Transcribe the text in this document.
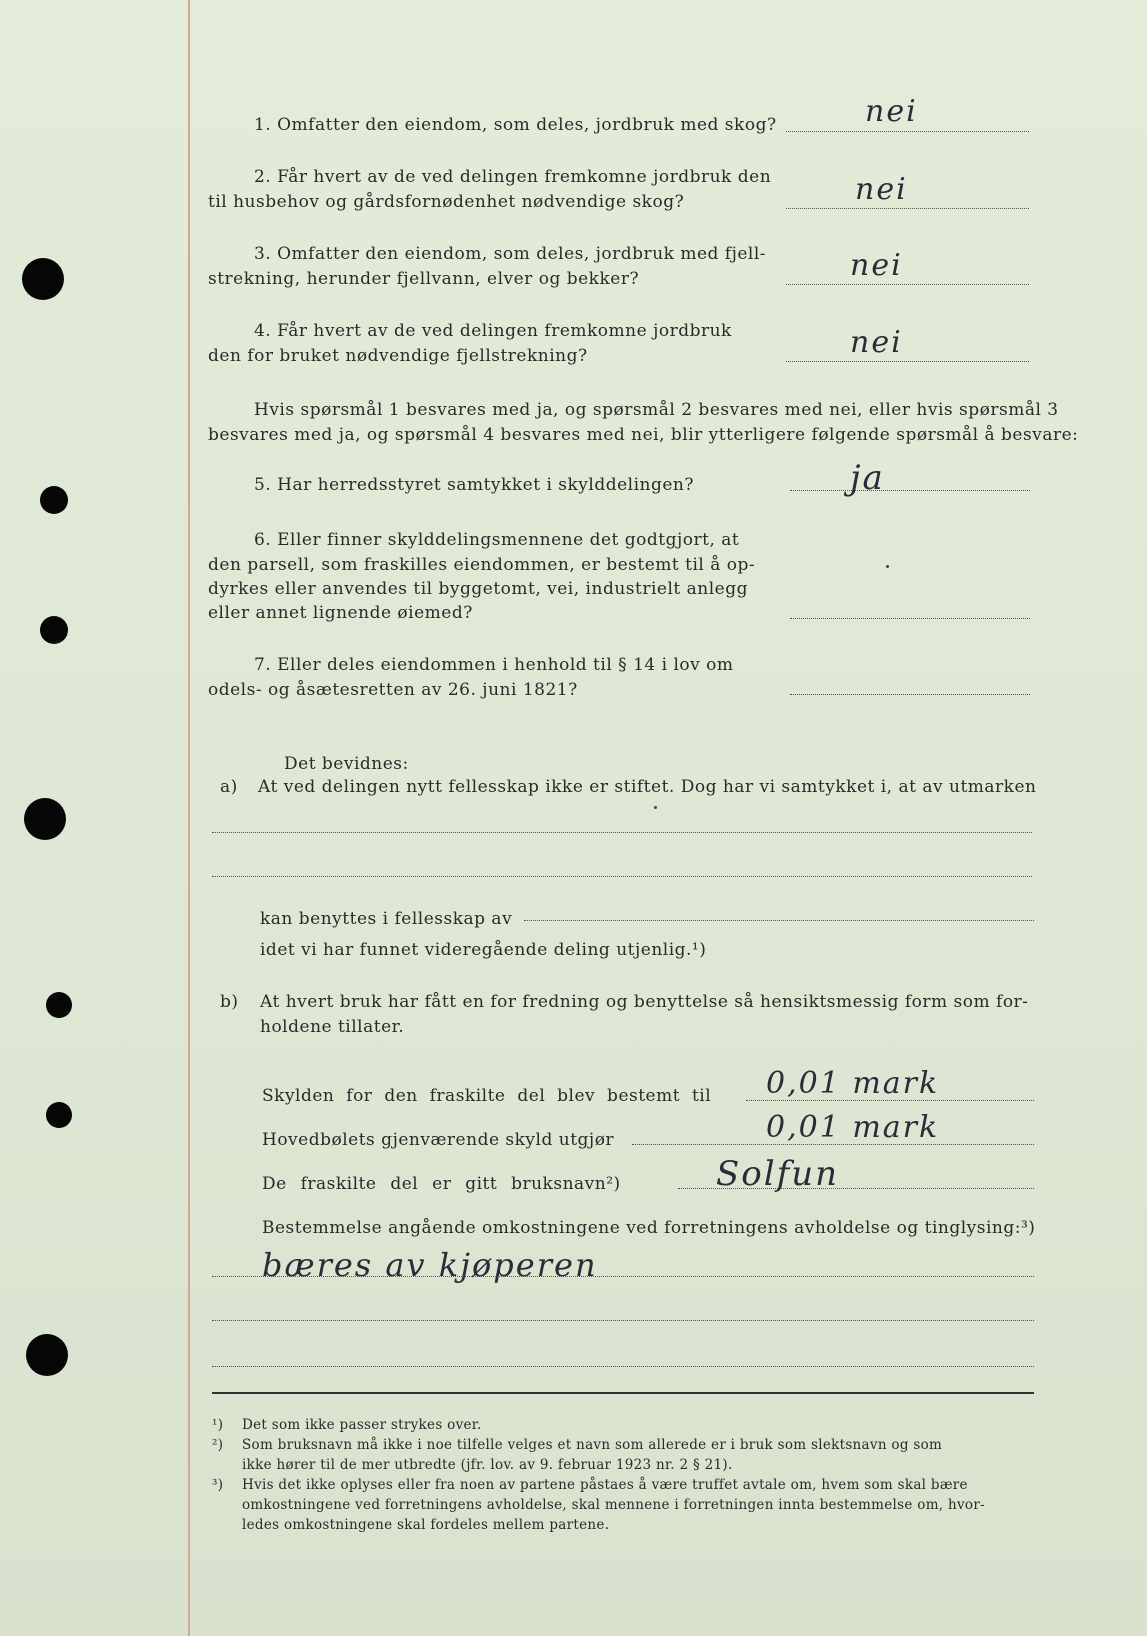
1. Omfatter den eiendom, som deles, jordbruk med skog?	nei
2. Får hvert av de ved delingen fremkomne jordbruk den
til husbehov og gårdsfornødenhet nødvendige skog?	nei
3. Omfatter den eiendom, som deles, jordbruk med fjell-
strekning, herunder fjellvann, elver og bekker?	nei
4. Får hvert av de ved delingen fremkomne jordbruk
den for bruket nødvendige fjellstrekning?	nei
Hvis spørsmål 1 besvares med ja, og spørsmål 2 besvares med nei, eller hvis spørsmål 3
besvares med ja, og spørsmål 4 besvares med nei, blir ytterligere følgende spørsmål å besvare:
5. Har herredsstyret samtykket i skylddelingen?	ja
6. Eller finner skylddelingsmennene det godtgjort, at
den parsell, som fraskilles eiendommen, er bestemt til å op-
dyrkes eller anvendes til byggetomt, vei, industrielt anlegg
eller annet lignende øiemed?
7. Eller deles eiendommen i henhold til § 14 i lov om
odels- og åsætesretten av 26. juni 1821?
Det bevidnes:
a) At ved delingen nytt fellesskap ikke er stiftet. Dog har vi samtykket i, at av utmarken
kan benyttes i fellesskap av
idet vi har funnet videregående deling utjenlig.¹)
b) At hvert bruk har fått en for fredning og benyttelse så hensiktsmessig form som for-
holdene tillater.
Skylden for den fraskilte del blev bestemt til 0,01 mark
Hovedbølets gjenværende skyld utgjør	0,01 mark
De fraskilte del er gitt bruksnavn²)	Solfun
Bestemmelse angående omkostningene ved forretningens avholdelse og tinglysing:³)
bæres av kjøperen
¹) Det som ikke passer strykes over.
²) Som bruksnavn må ikke i noe tilfelle velges et navn som allerede er i bruk som slektsnavn og som
ikke hører til de mer utbredte (jfr. lov. av 9. februar 1923 nr. 2 § 21).
³) Hvis det ikke oplyses eller fra noen av partene påstaes å være truffet avtale om, hvem som skal bære
omkostningene ved forretningens avholdelse, skal mennene i forretningen innta bestemmelse om, hvor-
ledes omkostningene skal fordeles mellem partene.
